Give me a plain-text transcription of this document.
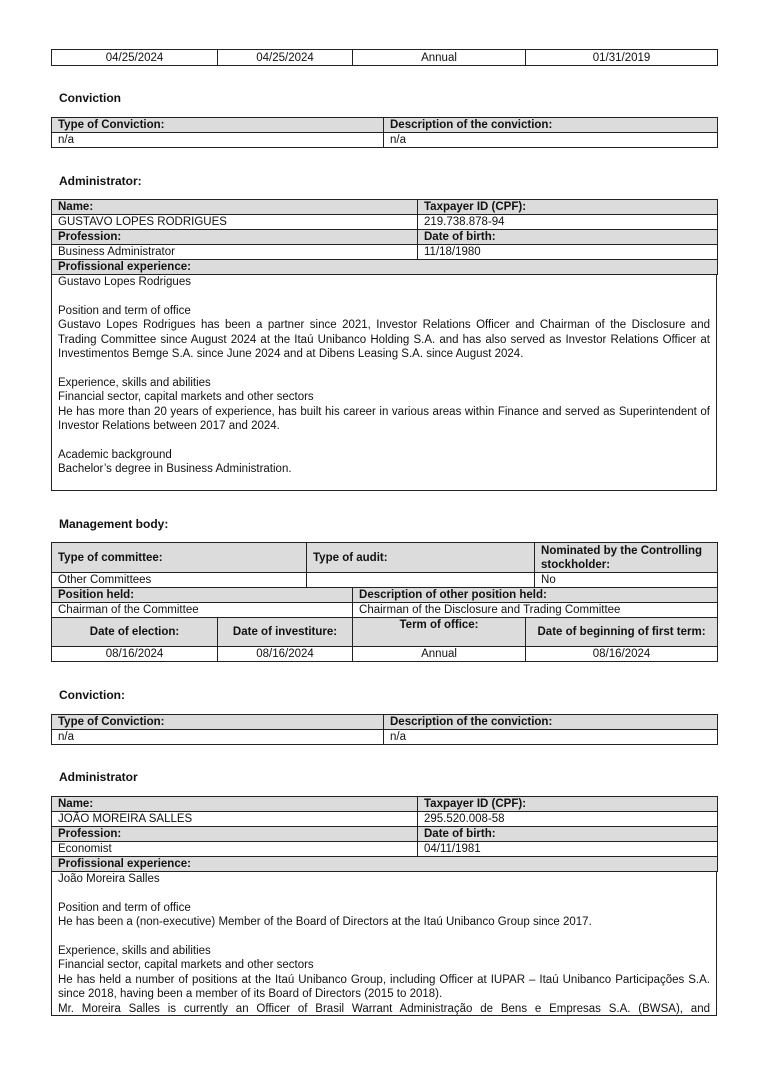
04/25/2024	04/25/2024	Annual	01/31/2019
Conviction
Type of Conviction:	Description of the conviction:
n/a	n/a
Administrator:
Name:	Taxpayer ID (CPF):
GUSTAVO LOPES RODRIGUES	219.738.878-94
Profession:	Date of birth:
Business Administrator	11/18/1980
Profissional experience:	

Gustavo Lopes Rodrigues

Position and term of office

Gustavo Lopes Rodrigues has been a partner since 2021, Investor Relations Officer and Chairman of the Disclosure and Trading Committee since August 2024 at the Itaú Unibanco Holding S.A. and has also served as Investor Relations Officer at Investimentos Bemge S.A. since June 2024 and at Dibens Leasing S.A. since August 2024.

Experience, skills and abilities

Financial sector, capital markets and other sectors

He has more than 20 years of experience, has built his career in various areas within Finance and served as Superintendent of Investor Relations between 2017 and 2024.

Academic background

Bachelor’s degree in Business Administration.

Management body:
Type of committee:		Type of audit:			Nominated by the Controlling stockholder:
Other Committees					No
Position held:			Description of other position held:		
Chairman of the Committee			Chairman of the Disclosure and Trading Committee		
Date of election:	Date of investiture:		Term of office:	Date of beginning of first term:	
08/16/2024	08/16/2024		Annual	08/16/2024	
Conviction:
Type of Conviction:	Description of the conviction:
n/a	n/a
Administrator
Name:	Taxpayer ID (CPF):
JOÃO MOREIRA SALLES	295.520.008-58
Profession:	Date of birth:
Economist	04/11/1981
Profissional experience:	

João Moreira Salles

Position and term of office

He has been a (non-executive) Member of the Board of Directors at the Itaú Unibanco Group since 2017.

Experience, skills and abilities

Financial sector, capital markets and other sectors

He has held a number of positions at the Itaú Unibanco Group, including Officer at IUPAR – Itaú Unibanco Participações S.A. since 2018, having been a member of its Board of Directors (2015 to 2018).

Mr. Moreira Salles is currently an Officer of Brasil Warrant Administração de Bens e Empresas S.A. (BWSA), and
